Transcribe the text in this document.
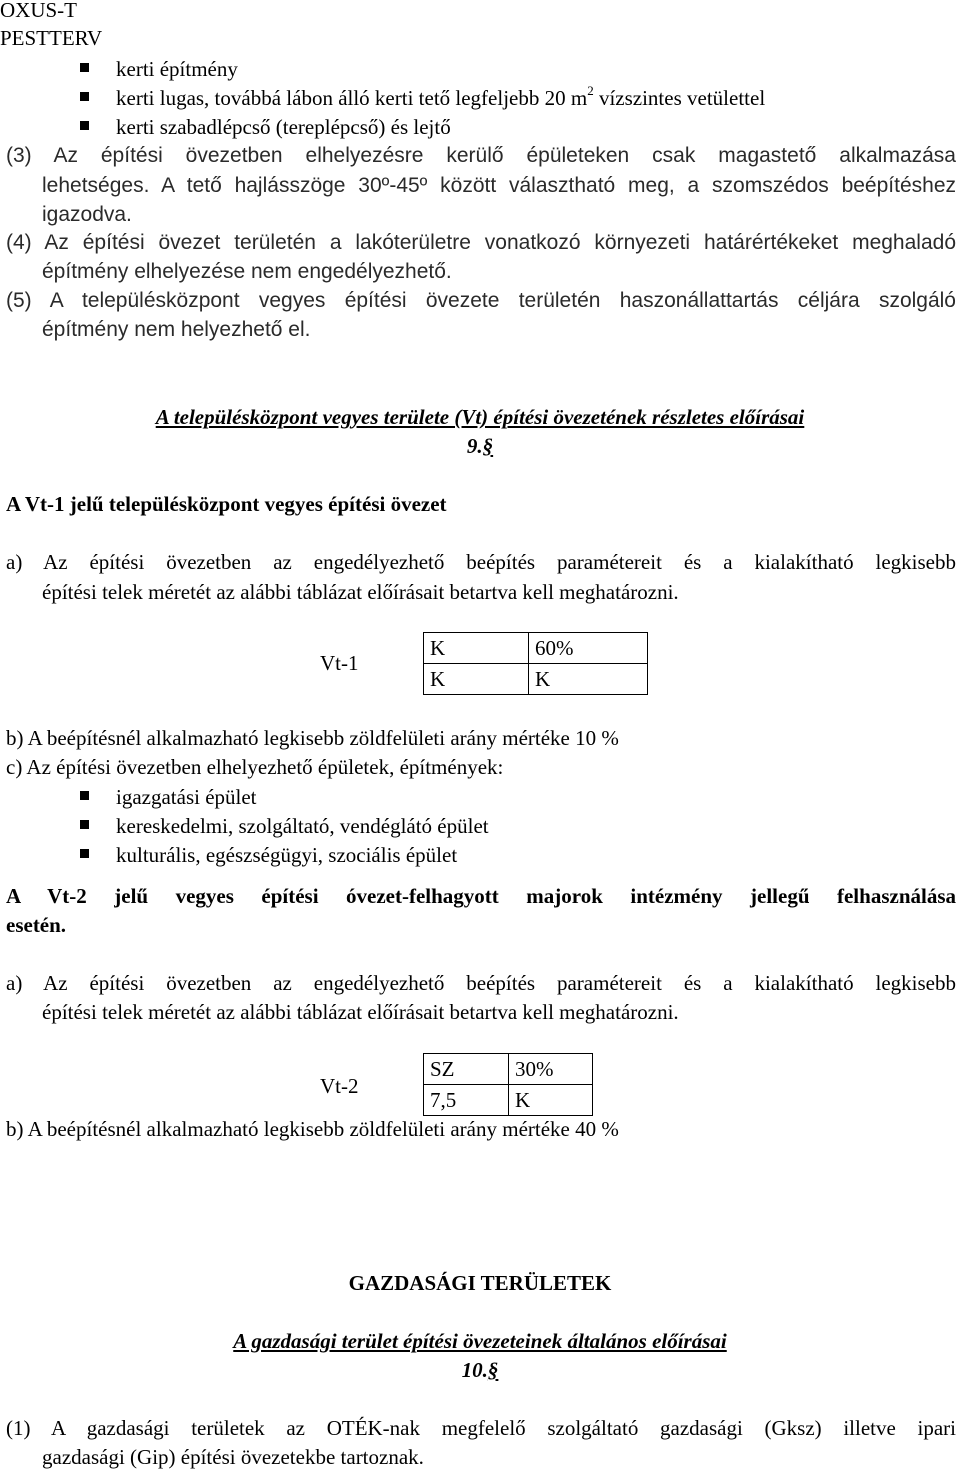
OXUS-T
PESTTERV
kerti építmény
kerti lugas, továbbá lábon álló kerti tető legfeljebb 20 $m^2$ vízszintes vetülettel
kerti szabadlépcső (tereplépcső) és lejtő
(3) Az építési övezetben elhelyezésre kerülő épületeken csak magastető alkalmazása
lehetséges. A tető hajlásszöge 30º-45º között választható meg, a szomszédos beépítéshez
igazodva.
(4) Az építési övezet területén a lakóterületre vonatkozó környezeti határértékeket meghaladó
építmény elhelyezése nem engedélyezhető.
(5) A településközpont vegyes építési övezete területén haszonállattartás céljára szolgáló
építmény nem helyezhető el.
A településközpont vegyes területe (Vt) építési övezetének részletes előírásai
9.§
A Vt-1 jelű településközpont vegyes építési övezet
a) Az építési övezetben az engedélyezhető beépítés paramétereit és a kialakítható legkisebb
építési telek méretét az alábbi táblázat előírásait betartva kell meghatározni.
Vt-1
K	60%
K	K
b) A beépítésnél alkalmazható legkisebb zöldfelületi arány mértéke 10 %
c) Az építési övezetben elhelyezhető épületek, építmények:
igazgatási épület
kereskedelmi, szolgáltató, vendéglátó épület
kulturális, egészségügyi, szociális épület
A Vt-2 jelű vegyes építési óvezet-felhagyott majorok intézmény jellegű felhasználása
esetén.
a) Az építési övezetben az engedélyezhető beépítés paramétereit és a kialakítható legkisebb
építési telek méretét az alábbi táblázat előírásait betartva kell meghatározni.
Vt-2
SZ	30%
7,5	K
b) A beépítésnél alkalmazható legkisebb zöldfelületi arány mértéke 40 %
GAZDASÁGI TERÜLETEK
A gazdasági terület építési övezeteinek általános előírásai
10.§
(1) A gazdasági területek az OTÉK-nak megfelelő szolgáltató gazdasági (Gksz) illetve ipari
gazdasági (Gip) építési övezetekbe tartoznak.
